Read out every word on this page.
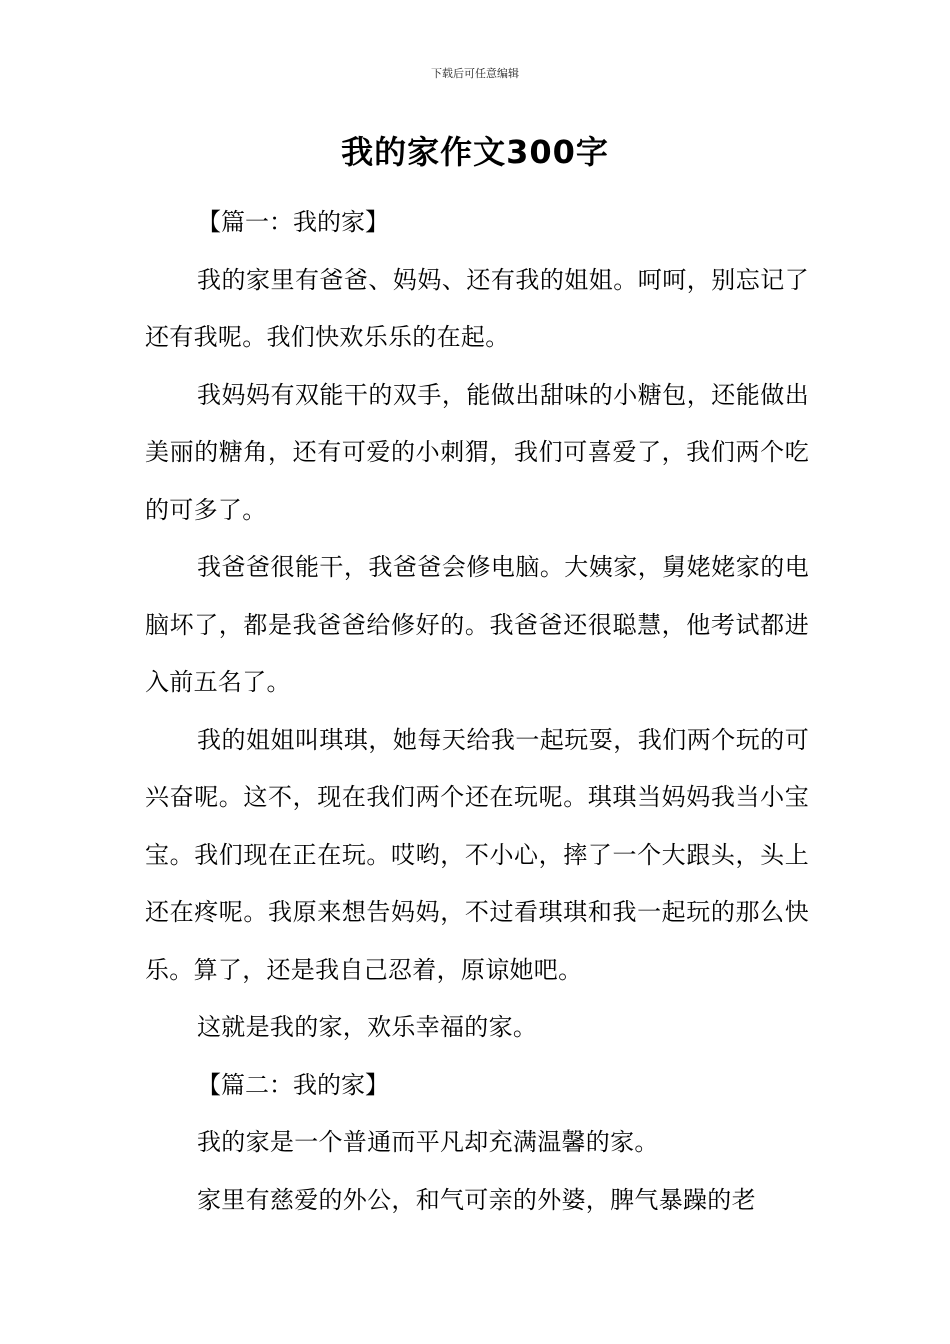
下载后可任意编辑
我的家作文300字

【篇一：我的家】

我的家里有爸爸、妈妈、还有我的姐姐。呵呵，别忘记了还有我呢。我们快欢乐乐的在起。

我妈妈有双能干的双手，能做出甜味的小糖包，还能做出美丽的糖角，还有可爱的小刺猬，我们可喜爱了，我们两个吃的可多了。

我爸爸很能干，我爸爸会修电脑。大姨家，舅姥姥家的电脑坏了，都是我爸爸给修好的。我爸爸还很聪慧，他考试都进入前五名了。

我的姐姐叫琪琪，她每天给我一起玩耍，我们两个玩的可兴奋呢。这不，现在我们两个还在玩呢。琪琪当妈妈我当小宝宝。我们现在正在玩。哎哟，不小心，摔了一个大跟头，头上还在疼呢。我原来想告妈妈，不过看琪琪和我一起玩的那么快乐。算了，还是我自己忍着，原谅她吧。

这就是我的家，欢乐幸福的家。

【篇二：我的家】

我的家是一个普通而平凡却充满温馨的家。

家里有慈爱的外公，和气可亲的外婆，脾气暴躁的老
